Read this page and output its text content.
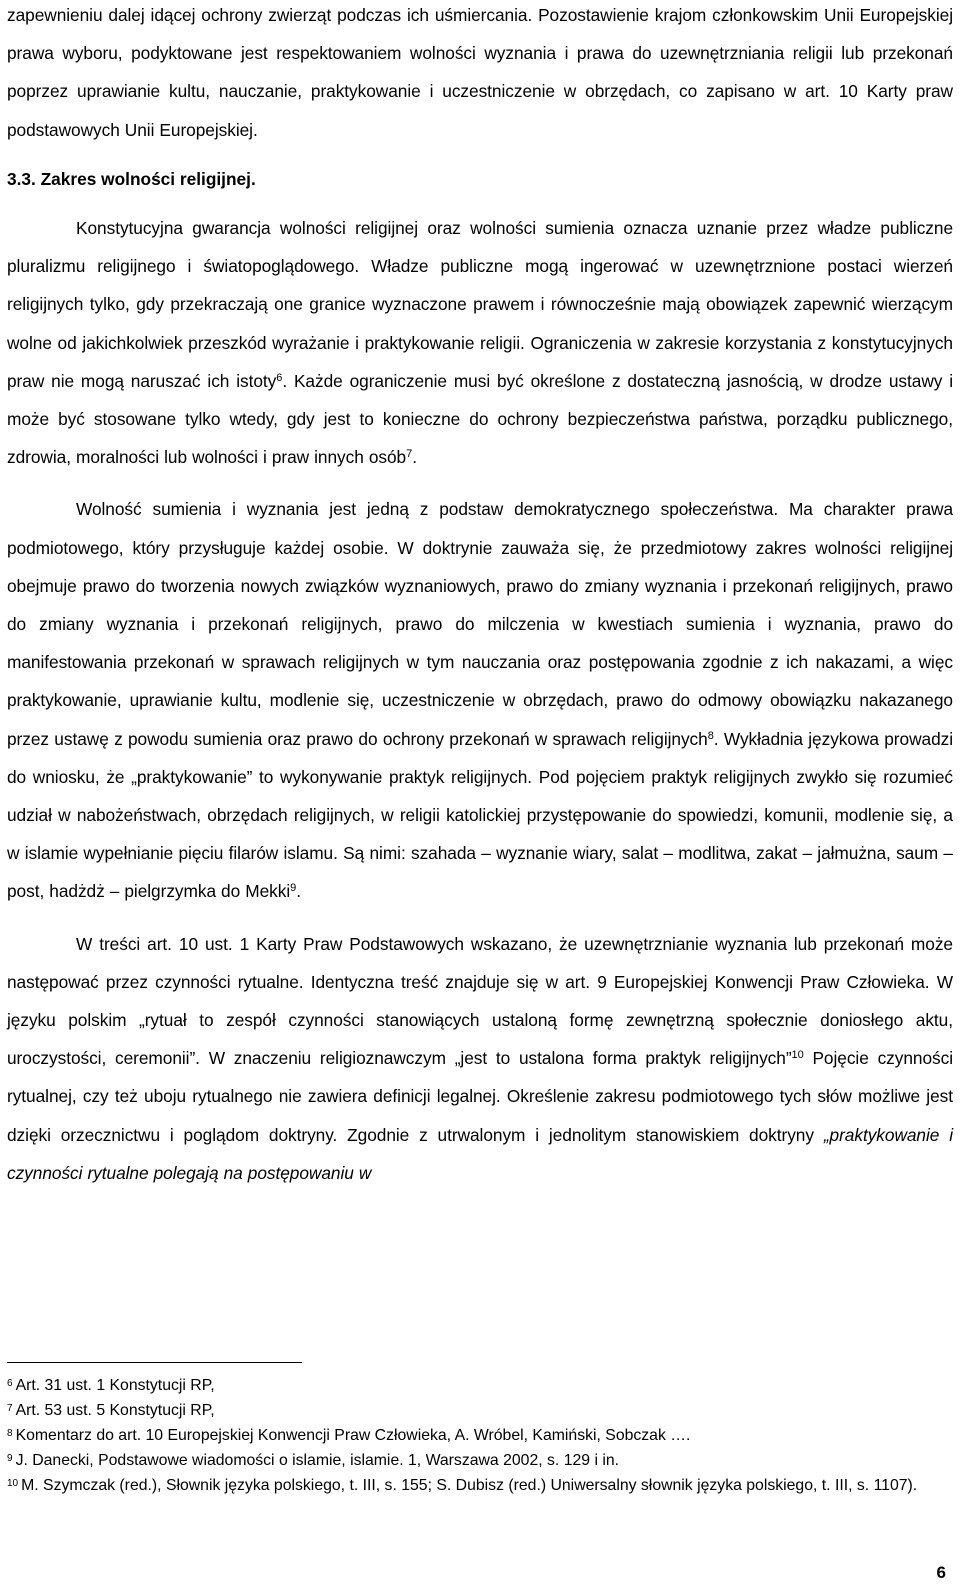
zapewnieniu dalej idącej ochrony zwierząt podczas ich uśmiercania. Pozostawienie krajom członkowskim Unii Europejskiej prawa wyboru, podyktowane jest respektowaniem wolności wyznania i prawa do uzewnętrzniania religii lub przekonań poprzez uprawianie kultu, nauczanie, praktykowanie i uczestniczenie w obrzędach, co zapisano w art. 10 Karty praw podstawowych Unii Europejskiej.

3.3. Zakres wolności religijnej.

Konstytucyjna gwarancja wolności religijnej oraz wolności sumienia oznacza uznanie przez władze publiczne pluralizmu religijnego i światopoglądowego. Władze publiczne mogą ingerować w uzewnętrznione postaci wierzeń religijnych tylko, gdy przekraczają one granice wyznaczone prawem i równocześnie mają obowiązek zapewnić wierzącym wolne od jakichkolwiek przeszkód wyrażanie i praktykowanie religii. Ograniczenia w zakresie korzystania z konstytucyjnych praw nie mogą naruszać ich istoty$^6$. Każde ograniczenie musi być określone z dostateczną jasnością, w drodze ustawy i może być stosowane tylko wtedy, gdy jest to konieczne do ochrony bezpieczeństwa państwa, porządku publicznego, zdrowia, moralności lub wolności i praw innych osób$^7$.

Wolność sumienia i wyznania jest jedną z podstaw demokratycznego społeczeństwa. Ma charakter prawa podmiotowego, który przysługuje każdej osobie. W doktrynie zauważa się, że przedmiotowy zakres wolności religijnej obejmuje prawo do tworzenia nowych związków wyznaniowych, prawo do zmiany wyznania i przekonań religijnych, prawo do zmiany wyznania i przekonań religijnych, prawo do milczenia w kwestiach sumienia i wyznania, prawo do manifestowania przekonań w sprawach religijnych w tym nauczania oraz postępowania zgodnie z ich nakazami, a więc praktykowanie, uprawianie kultu, modlenie się, uczestniczenie w obrzędach, prawo do odmowy obowiązku nakazanego przez ustawę z powodu sumienia oraz prawo do ochrony przekonań w sprawach religijnych$^8$. Wykładnia językowa prowadzi do wniosku, że „praktykowanie” to wykonywanie praktyk religijnych. Pod pojęciem praktyk religijnych zwykło się rozumieć udział w nabożeństwach, obrzędach religijnych, w religii katolickiej przystępowanie do spowiedzi, komunii, modlenie się, a w islamie wypełnianie pięciu filarów islamu. Są nimi: szahada – wyznanie wiary, salat – modlitwa, zakat – jałmużna, saum – post, hadżdż – pielgrzymka do Mekki$^9$.

W treści art. 10 ust. 1 Karty Praw Podstawowych wskazano, że uzewnętrznianie wyznania lub przekonań może następować przez czynności rytualne. Identyczna treść znajduje się w art. 9 Europejskiej Konwencji Praw Człowieka. W języku polskim „rytuał to zespół czynności stanowiących ustaloną formę zewnętrzną społecznie doniosłego aktu, uroczystości, ceremonii”. W znaczeniu religioznawczym „jest to ustalona forma praktyk religijnych”$^{10}$ Pojęcie czynności rytualnej, czy też uboju rytualnego nie zawiera definicji legalnej. Określenie zakresu podmiotowego tych słów możliwe jest dzięki orzecznictwu i poglądom doktryny. Zgodnie z utrwalonym i jednolitym stanowiskiem doktryny „praktykowanie i czynności rytualne polegają na postępowaniu w

$^6$ Art. 31 ust. 1 Konstytucji RP,

$^7$ Art. 53 ust. 5 Konstytucji RP,

$^8$ Komentarz do art. 10 Europejskiej Konwencji Praw Człowieka, A. Wróbel, Kamiński, Sobczak ….

$^9$ J. Danecki, Podstawowe wiadomości o islamie, islamie. 1, Warszawa 2002, s. 129 i in.

$^{10}$ M. Szymczak (red.), Słownik języka polskiego, t. III, s. 155; S. Dubisz (red.) Uniwersalny słownik języka polskiego, t. III, s. 1107).

6
